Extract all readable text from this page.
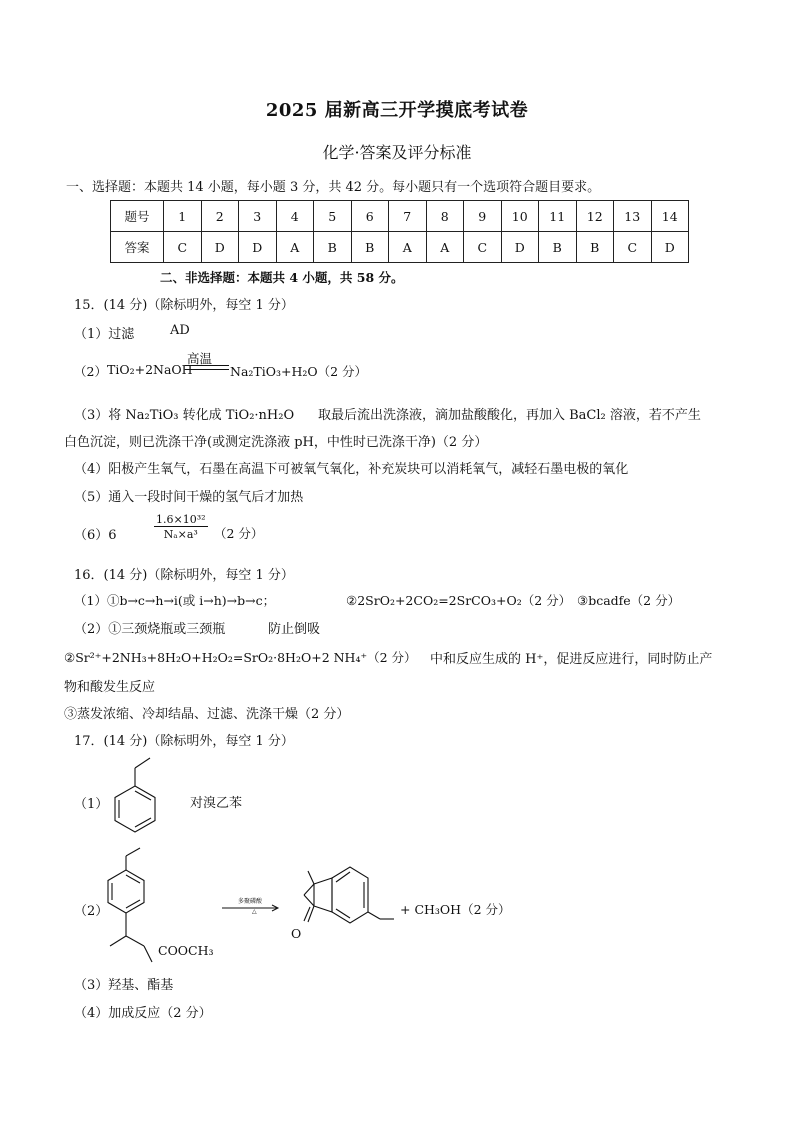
2025 届新高三开学摸底考试卷
化学·答案及评分标准
一、选择题：本题共 14 小题，每小题 3 分，共 42 分。每小题只有一个选项符合题目要求。
题号	1	2	3	4	5	6	7	8	9	10	11	12	13	14
答案	C	D	D	A	B	B	A	A	C	D	B	B	C	D
二、非选择题：本题共 4 小题，共 58 分。
15．(14 分)（除标明外，每空 1 分）
（1）过滤	AD
（2） TiO₂+2NaOH
高温
Na₂TiO₃+H₂O（2 分）
（3）将 Na₂TiO₃ 转化成 TiO₂·nH₂O 取最后流出洗涤液，滴加盐酸酸化，再加入 BaCl₂ 溶液，若不产生
白色沉淀，则已洗涤干净(或测定洗涤液 pH，中性时已洗涤干净)（2 分）
（4）阳极产生氧气，石墨在高温下可被氧气氧化，补充炭块可以消耗氧气，减轻石墨电极的氧化
（5）通入一段时间干燥的氢气后才加热
（6）6	$\frac{\text{1.6×10³²}}{\text{Nₐ×a³}} (2$ 分）
16．(14 分)（除标明外，每空 1 分）
（1）①b→c→h→i(或 i→h)→b→c；	②2SrO₂+2CO₂=2SrCO₃+O₂（2 分） ③bcadfe（2 分）
（2）①三颈烧瓶或三颈瓶	防止倒吸
②Sr²⁺+2NH₃+8H₂O+H₂O₂=SrO₂·8H₂O+2 NH₄⁺（2 分） 中和反应生成的 H⁺，促进反应进行，同时防止产
物和酸发生反应
③蒸发浓缩、冷却结晶、过滤、洗涤干燥（2 分）
17．(14 分)（除标明外，每空 1 分）
（1）	对溴乙苯
（2）
COOCH₃
多聚磷酸
△
O
+ CH₃OH（2 分）
（3）羟基、酯基
（4）加成反应（2 分）
